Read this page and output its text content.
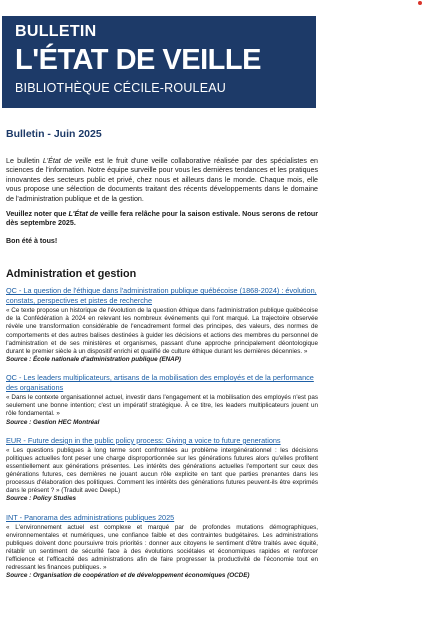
BULLETIN
L'ÉTAT DE VEILLE
BIBLIOTHÈQUE CÉCILE-ROULEAU
Bulletin - Juin 2025

Le bulletin L'État de veille est le fruit d'une veille collaborative réalisée par des spécialistes en sciences de l'information. Notre équipe surveille pour vous les dernières tendances et les pratiques innovantes des secteurs public et privé, chez nous et ailleurs dans le monde. Chaque mois, elle vous propose une sélection de documents traitant des récents développements dans le domaine de l'administration publique et de la gestion.

Veuillez noter que L'État de veille fera relâche pour la saison estivale. Nous serons de retour dès septembre 2025.

Bon été à tous!

Administration et gestion
QC - La question de l'éthique dans l'administration publique québécoise (1868-2024) : évolution, constats, perspectives et pistes de recherche

« Ce texte propose un historique de l'évolution de la question éthique dans l'administration publique québécoise de la Confédération à 2024 en relevant les nombreux événements qui l'ont marqué. La trajectoire observée révèle une transformation considérable de l'encadrement formel des principes, des valeurs, des normes de comportements et des autres balises destinées à guider les décisions et actions des membres du personnel de l'administration et de ses ministères et organismes, passant d'une approche principalement déontologique durant le premier siècle à un dispositif enrichi et qualifié de culture éthique durant les dernières décennies. »

Source : École nationale d'administration publique (ENAP)

QC - Les leaders multiplicateurs, artisans de la mobilisation des employés et de la performance des organisations

« Dans le contexte organisationnel actuel, investir dans l'engagement et la mobilisation des employés n'est pas seulement une bonne intention; c'est un impératif stratégique. À ce titre, les leaders multiplicateurs jouent un rôle fondamental. »

Source : Gestion HEC Montréal

EUR - Future design in the public policy process: Giving a voice to future generations

« Les questions publiques à long terme sont confrontées au problème intergénérationnel : les décisions politiques actuelles font peser une charge disproportionnée sur les générations futures alors qu'elles profitent essentiellement aux générations présentes. Les intérêts des générations actuelles l'emportent sur ceux des générations futures, ces dernières ne jouant aucun rôle explicite en tant que parties prenantes dans les processus d'élaboration des politiques. Comment les intérêts des générations futures peuvent-ils être exprimés dans le présent ? » (Traduit avec DeepL)

Source : Policy Studies

INT - Panorama des administrations publiques 2025

« L'environnement actuel est complexe et marqué par de profondes mutations démographiques, environnementales et numériques, une confiance faible et des contraintes budgétaires. Les administrations publiques doivent donc poursuivre trois priorités : donner aux citoyens le sentiment d'être traités avec équité, rétablir un sentiment de sécurité face à des évolutions sociétales et économiques rapides et renforcer l'efficience et l'efficacité des administrations afin de faire progresser la productivité de l'économie tout en redressant les finances publiques. »

Source : Organisation de coopération et de développement économiques (OCDE)
